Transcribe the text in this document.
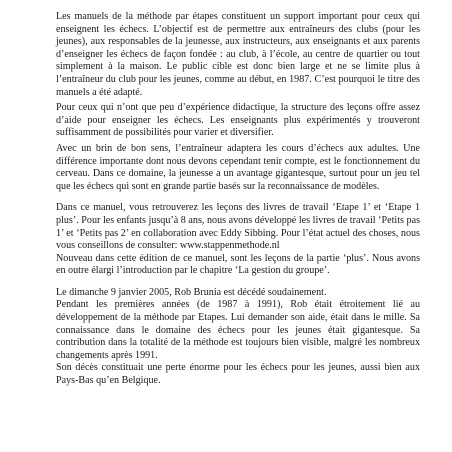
Les manuels de la méthode par étapes constituent un support important pour ceux qui enseignent les échecs. L’objectif est de permettre aux entraîneurs des clubs (pour les jeunes), aux responsables de la jeunesse, aux instructeurs, aux enseignants et aux parents d’enseigner les échecs de façon fondée : au club, à l’école, au centre de quartier ou tout simplement à la maison. Le public cible est donc bien large et ne se limite plus à l’entraîneur du club pour les jeunes, comme au début, en 1987. C’est pourquoi le titre des manuels a été adapté.

Pour ceux qui n’ont que peu d’expérience didactique, la structure des leçons offre assez d’aide pour enseigner les échecs. Les enseignants plus expérimentés y trouveront suffisamment de possibilités pour varier et diversifier.

Avec un brin de bon sens, l’entraîneur adaptera les cours d’échecs aux adultes. Une différence importante dont nous devons cependant tenir compte, est le fonctionnement du cerveau. Dans ce domaine, la jeunesse a un avantage gigantesque, surtout pour un jeu tel que les échecs qui sont en grande partie basés sur la reconnaissance de modèles.

Dans ce manuel, vous retrouverez les leçons des livres de travail ‘Etape 1’ et ‘Etape 1 plus’. Pour les enfants jusqu’à 8 ans, nous avons développé les livres de travail ‘Petits pas 1’ et ‘Petits pas 2’ en collaboration avec Eddy Sibbing. Pour l’état actuel des choses, nous vous conseillons de consulter: www.stappenmethode.nl

Nouveau dans cette édition de ce manuel, sont les leçons de la partie ‘plus’. Nous avons en outre élargi l’introduction par le chapitre ‘La gestion du groupe’.

Le dimanche 9 janvier 2005, Rob Brunia est décédé soudainement.

Pendant les premières années (de 1987 à 1991), Rob était étroitement lié au développement de la méthode par Etapes. Lui demander son aide, était dans le mille. Sa connaissance dans le domaine des échecs pour les jeunes était gigantesque. Sa contribution dans la totalité de la méthode est toujours bien visible, malgré les nombreux changements après 1991.

Son décès constituait une perte énorme pour les échecs pour les jeunes, aussi bien aux Pays-Bas qu’en Belgique.
